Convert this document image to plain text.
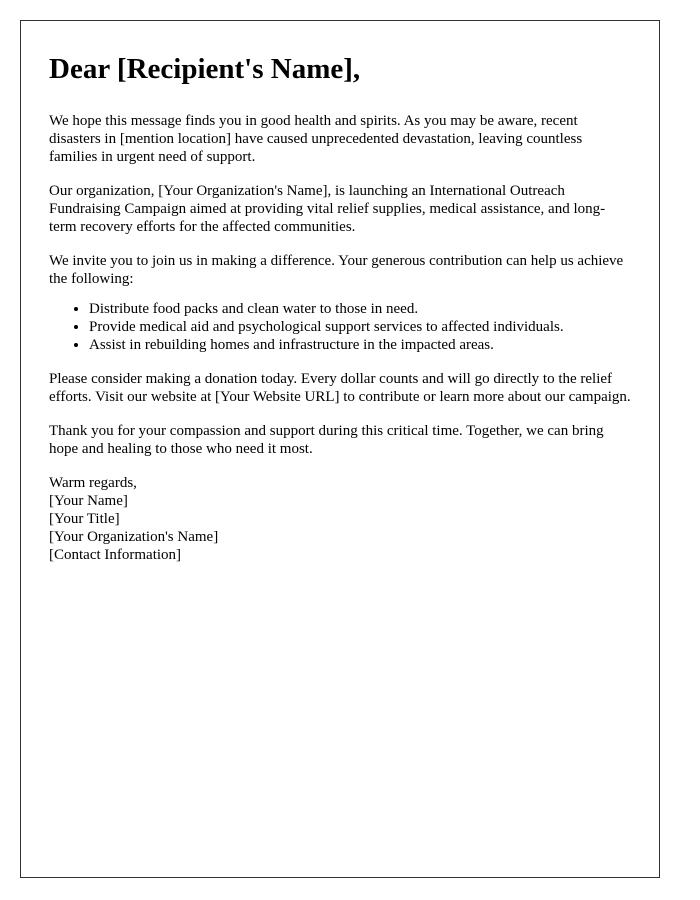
Dear [Recipient's Name],

We hope this message finds you in good health and spirits. As you may be aware, recent disasters in [mention location] have caused unprecedented devastation, leaving countless families in urgent need of support.

Our organization, [Your Organization's Name], is launching an International Outreach Fundraising Campaign aimed at providing vital relief supplies, medical assistance, and long-term recovery efforts for the affected communities.

We invite you to join us in making a difference. Your generous contribution can help us achieve the following:

• Distribute food packs and clean water to those in need.
• Provide medical aid and psychological support services to affected individuals.
• Assist in rebuilding homes and infrastructure in the impacted areas.

Please consider making a donation today. Every dollar counts and will go directly to the relief efforts. Visit our website at [Your Website URL] to contribute or learn more about our campaign.

Thank you for your compassion and support during this critical time. Together, we can bring hope and healing to those who need it most.

Warm regards,
[Your Name]
[Your Title]
[Your Organization's Name]
[Contact Information]
